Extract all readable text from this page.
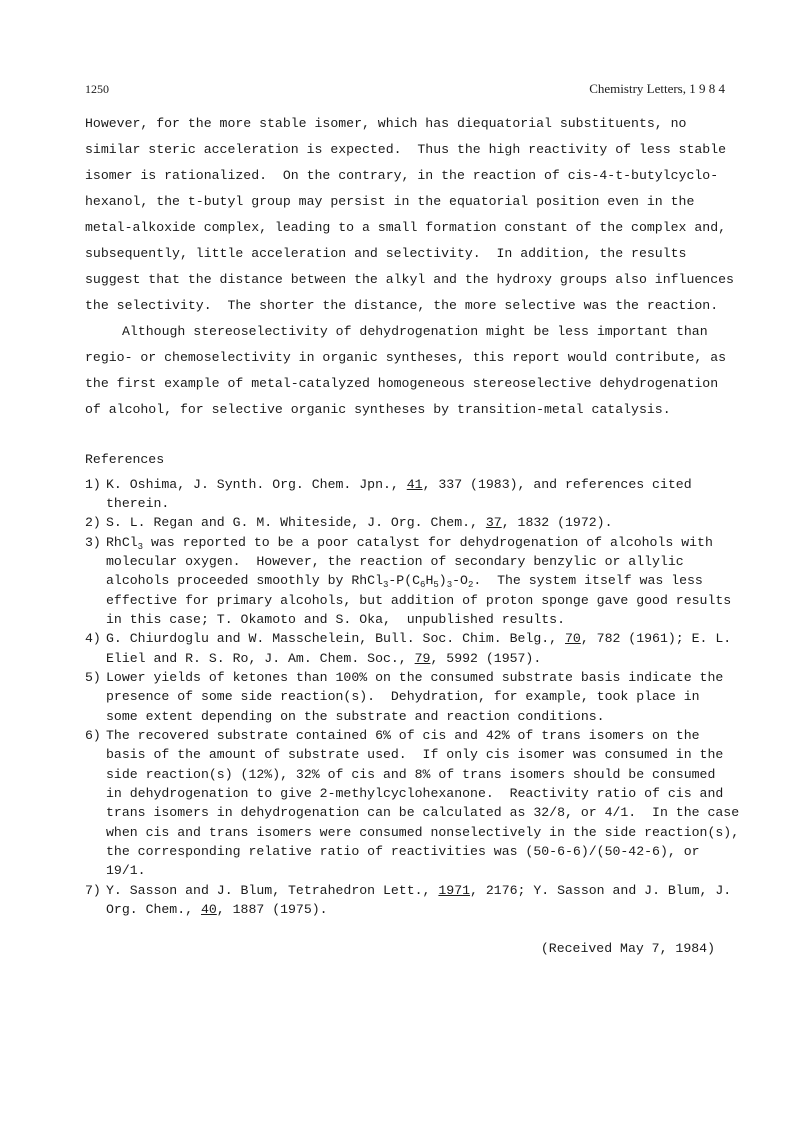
1250	Chemistry Letters, 1 9 8 4
However, for the more stable isomer, which has diequatorial substituents, no
similar steric acceleration is expected.  Thus the high reactivity of less stable
isomer is rationalized.  On the contrary, in the reaction of cis-4-t-butylcyclo-
hexanol, the t-butyl group may persist in the equatorial position even in the
metal-alkoxide complex, leading to a small formation constant of the complex and,
subsequently, little acceleration and selectivity.  In addition, the results
suggest that the distance between the alkyl and the hydroxy groups also influences
the selectivity.  The shorter the distance, the more selective was the reaction.
Although stereoselectivity of dehydrogenation might be less important than
regio- or chemoselectivity in organic syntheses, this report would contribute, as
the first example of metal-catalyzed homogeneous stereoselective dehydrogenation
of alcohol, for selective organic syntheses by transition-metal catalysis.
References
1) K. Oshima, J. Synth. Org. Chem. Jpn., 41, 337 (1983), and references cited
therein.
2) S. L. Regan and G. M. Whiteside, J. Org. Chem., 37, 1832 (1972).
3) RhCl$_3$ was reported to be a poor catalyst for dehydrogenation of alcohols with
molecular oxygen.  However, the reaction of secondary benzylic or allylic
alcohols proceeded smoothly by $RhCl_3-P(C_6H_5)_3-O_2$.  The system itself was less
effective for primary alcohols, but addition of proton sponge gave good results
in this case; T. Okamoto and S. Oka,  unpublished results.
4) G. Chiurdoglu and W. Masschelein, Bull. Soc. Chim. Belg., 70, 782 (1961); E. L.
Eliel and R. S. Ro, J. Am. Chem. Soc., 79, 5992 (1957).
5) Lower yields of ketones than 100% on the consumed substrate basis indicate the
presence of some side reaction(s).  Dehydration, for example, took place in
some extent depending on the substrate and reaction conditions.
6) The recovered substrate contained 6% of cis and 42% of trans isomers on the
basis of the amount of substrate used.  If only cis isomer was consumed in the
side reaction(s) (12%), 32% of cis and 8% of trans isomers should be consumed
in dehydrogenation to give 2-methylcyclohexanone.  Reactivity ratio of cis and
trans isomers in dehydrogenation can be calculated as 32/8, or 4/1.  In the case
when cis and trans isomers were consumed nonselectively in the side reaction(s),
the corresponding relative ratio of reactivities was (50-6-6)/(50-42-6), or
19/1.
7) Y. Sasson and J. Blum, Tetrahedron Lett., 1971, 2176; Y. Sasson and J. Blum, J.
Org. Chem., 40, 1887 (1975).
(Received May 7, 1984)
